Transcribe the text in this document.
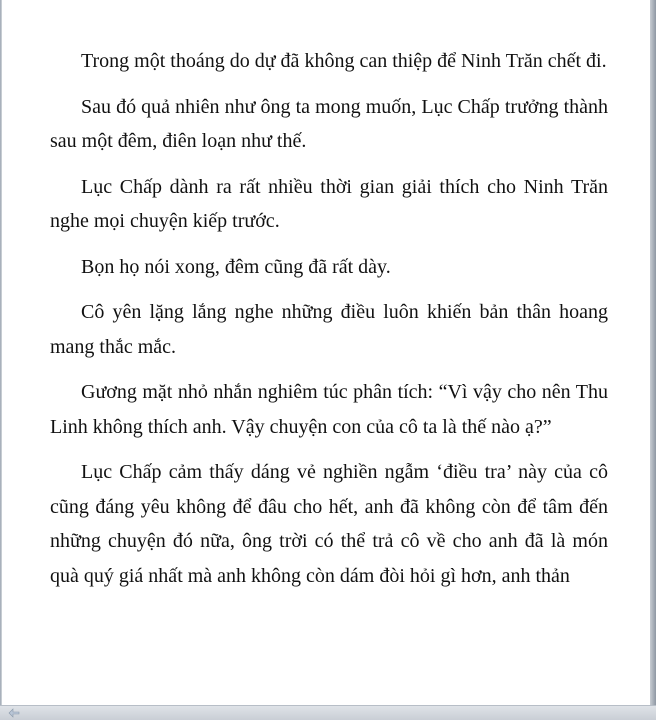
Trong một thoáng do dự đã không can thiệp để Ninh Trăn chết đi.

Sau đó quả nhiên như ông ta mong muốn, Lục Chấp trưởng thành sau một đêm, điên loạn như thế.

Lục Chấp dành ra rất nhiều thời gian giải thích cho Ninh Trăn nghe mọi chuyện kiếp trước.

Bọn họ nói xong, đêm cũng đã rất dày.

Cô yên lặng lắng nghe những điều luôn khiến bản thân hoang mang thắc mắc.

Gương mặt nhỏ nhắn nghiêm túc phân tích: “Vì vậy cho nên Thu Linh không thích anh. Vậy chuyện con của cô ta là thế nào ạ?”

Lục Chấp cảm thấy dáng vẻ nghiền ngẫm ‘điều tra’ này của cô cũng đáng yêu không để đâu cho hết, anh đã không còn để tâm đến những chuyện đó nữa, ông trời có thể trả cô về cho anh đã là món quà quý giá nhất mà anh không còn dám đòi hỏi gì hơn, anh thản
